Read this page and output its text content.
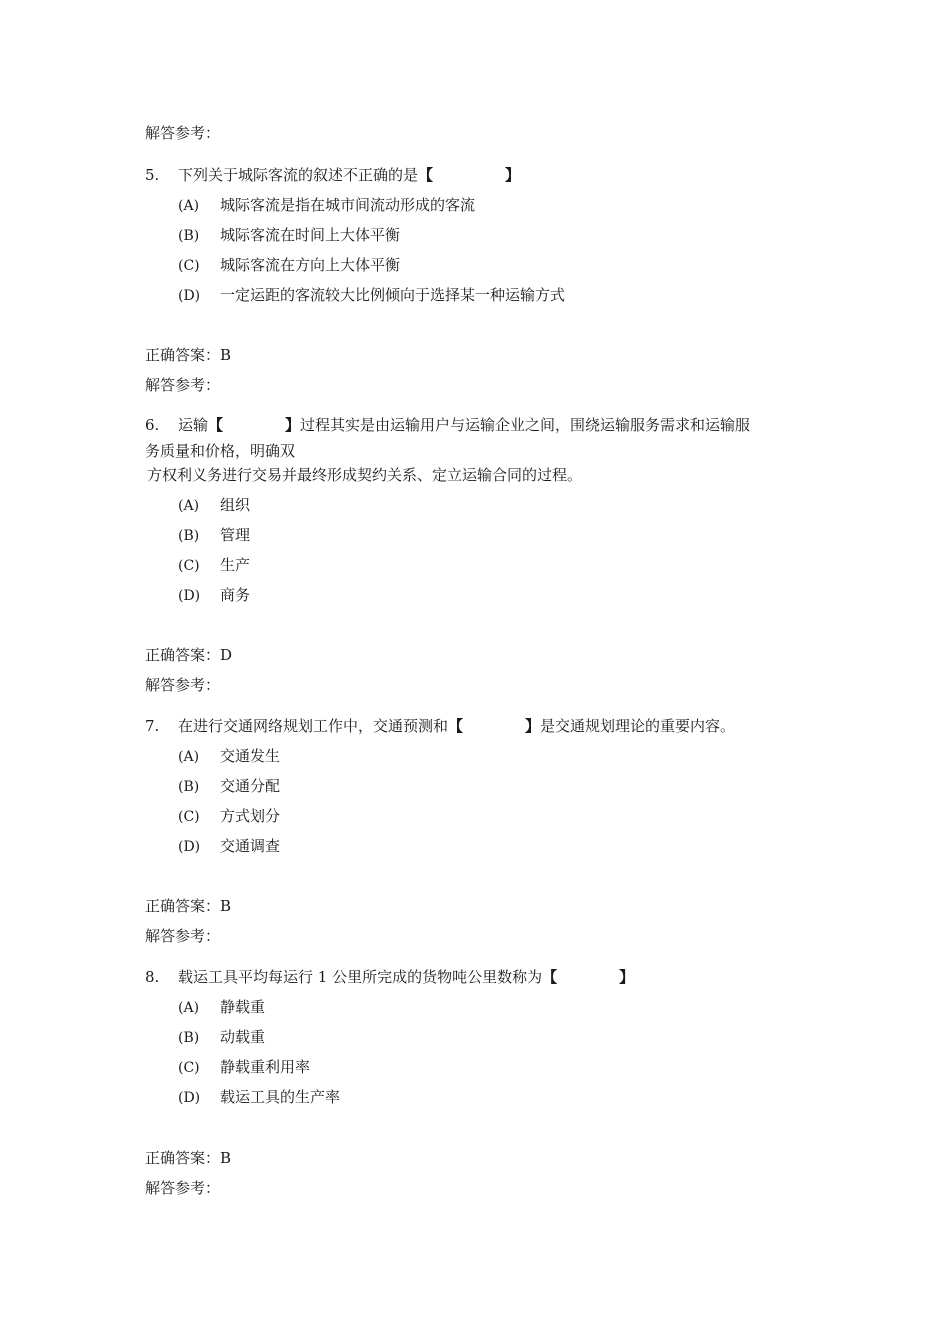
解答参考：
5. 下列关于城际客流的叙述不正确的是【	】
(A) 城际客流是指在城市间流动形成的客流
(B) 城际客流在时间上大体平衡
(C) 城际客流在方向上大体平衡
(D) 一定运距的客流较大比例倾向于选择某一种运输方式
正确答案：B
解答参考：
6. 运输【	】过程其实是由运输用户与运输企业之间，围绕运输服务需求和运输服
务质量和价格，明确双
方权利义务进行交易并最终形成契约关系、定立运输合同的过程。
(A) 组织
(B) 管理
(C) 生产
(D) 商务
正确答案：D
解答参考：
7. 在进行交通网络规划工作中，交通预测和【	】是交通规划理论的重要内容。
(A) 交通发生
(B) 交通分配
(C) 方式划分
(D) 交通调查
正确答案：B
解答参考：
8. 载运工具平均每运行 1 公里所完成的货物吨公里数称为【	】
(A) 静载重
(B) 动载重
(C) 静载重利用率
(D) 载运工具的生产率
正确答案：B
解答参考：
